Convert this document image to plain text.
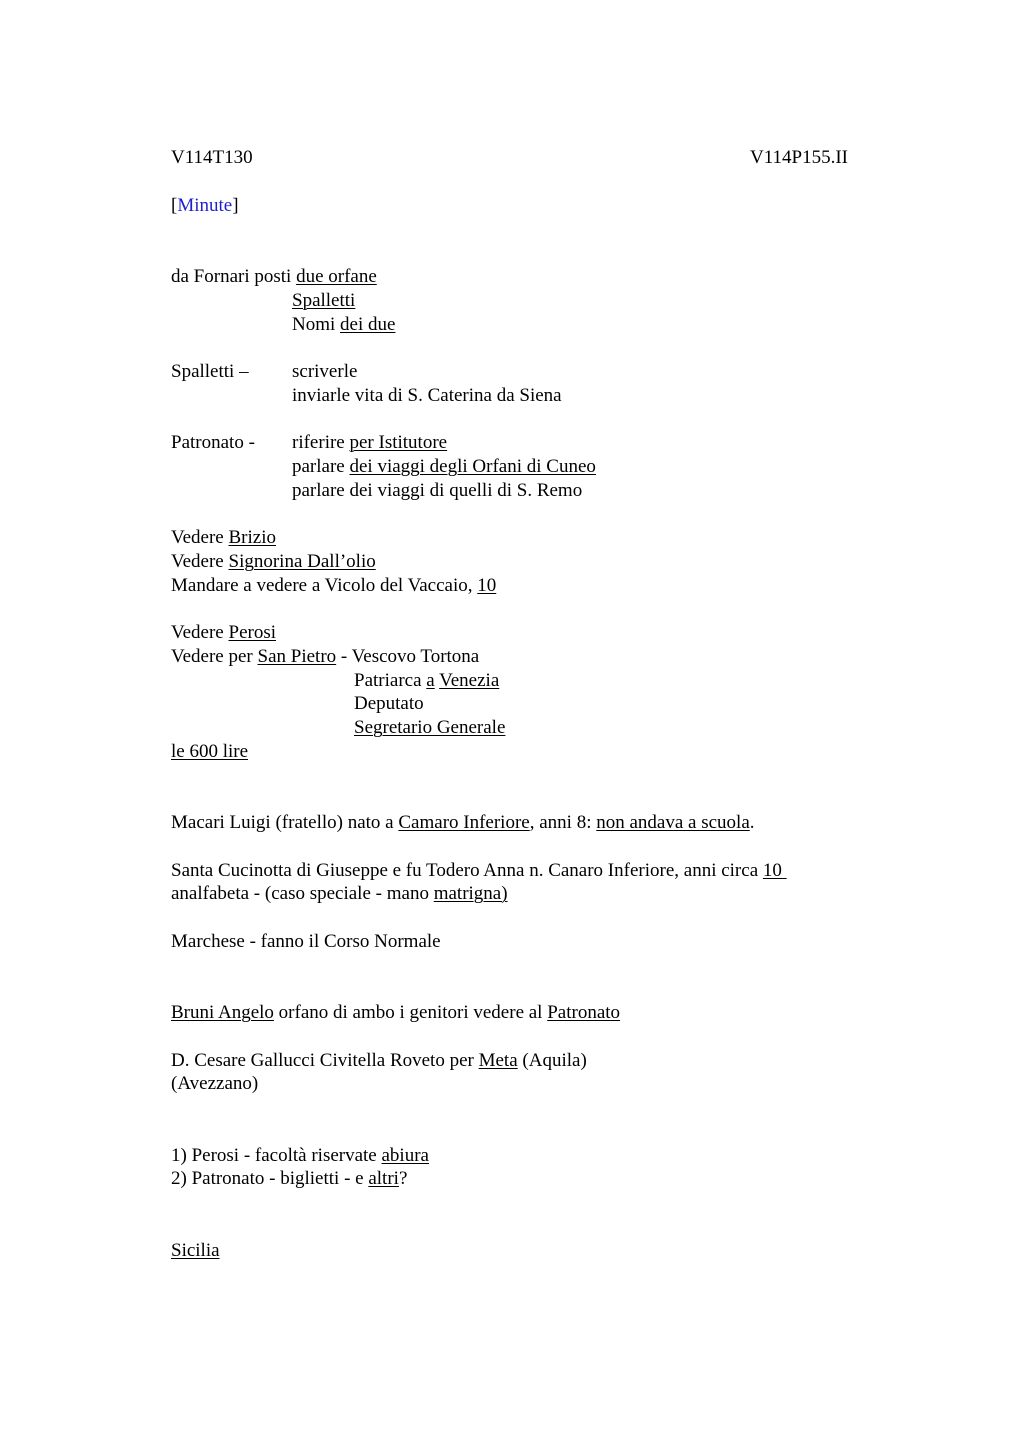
V114T130	V114P155.II
[Minute]
da Fornari posti due orfane
Spalletti
Nomi dei due
Spalletti – scriverle
inviarle vita di S. Caterina da Siena
Patronato - riferire per Istitutore
parlare dei viaggi degli Orfani di Cuneo
parlare dei viaggi di quelli di S. Remo
Vedere Brizio
Vedere Signorina Dall’olio
Mandare a vedere a Vicolo del Vaccaio, 10
Vedere Perosi
Vedere per San Pietro - Vescovo Tortona
Patriarca a Venezia
Deputato
Segretario Generale
le 600 lire
Macari Luigi (fratello) nato a Camaro Inferiore, anni 8: non andava a scuola.
Santa Cucinotta di Giuseppe e fu Todero Anna n. Canaro Inferiore, anni circa 10
analfabeta - (caso speciale - mano matrigna)
Marchese - fanno il Corso Normale
Bruni Angelo orfano di ambo i genitori vedere al Patronato
D. Cesare Gallucci Civitella Roveto per Meta (Aquila)
(Avezzano)
1) Perosi - facoltà riservate abiura
2) Patronato - biglietti - e altri?
Sicilia
